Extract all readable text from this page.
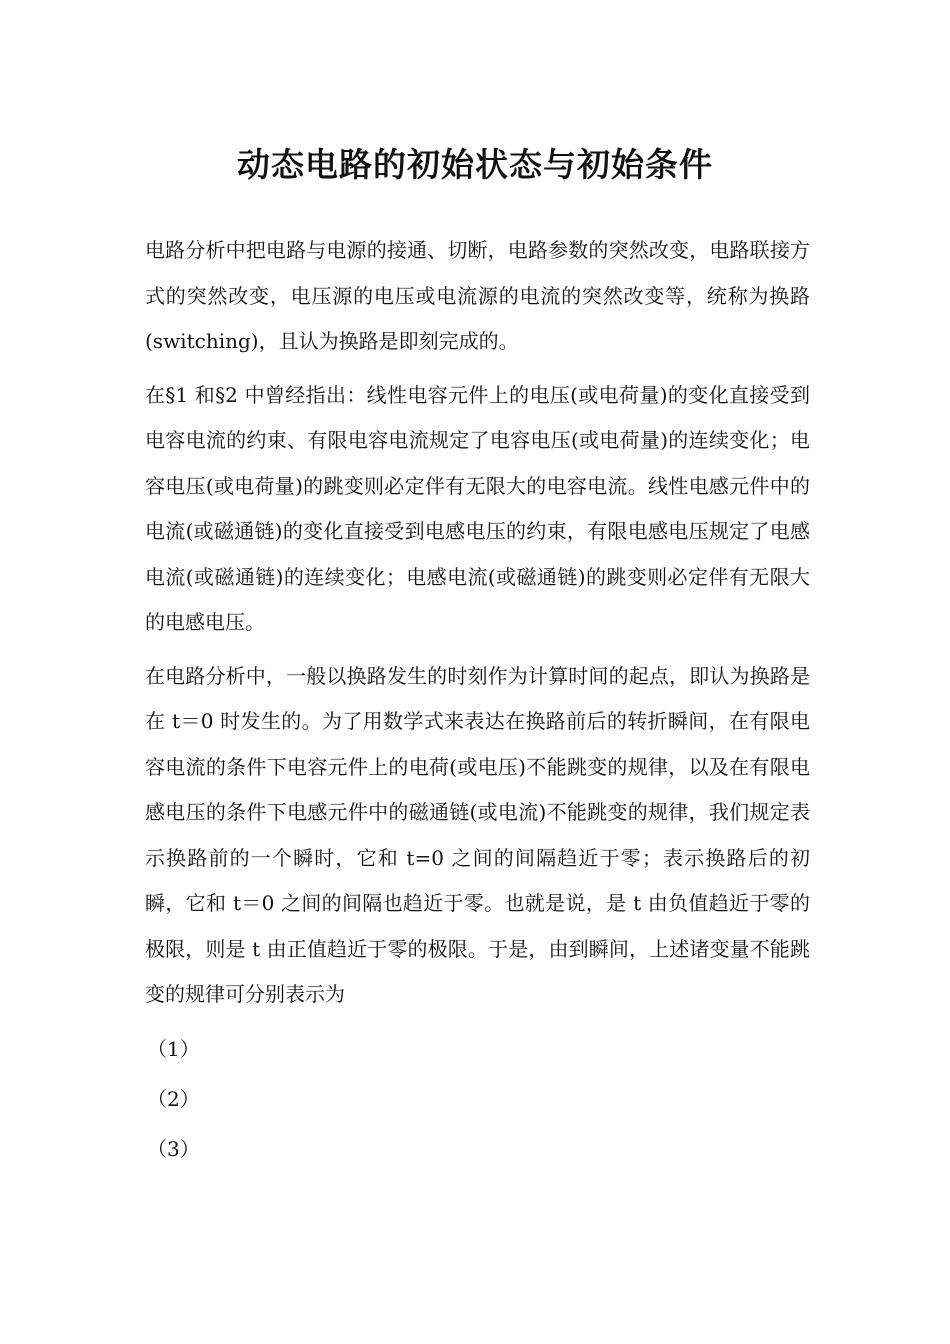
动态电路的初始状态与初始条件

电路分析中把电路与电源的接通、切断，电路参数的突然改变，电路联接方式的突然改变，电压源的电压或电流源的电流的突然改变等，统称为换路(switching)，且认为换路是即刻完成的。

在§1 和§2 中曾经指出：线性电容元件上的电压(或电荷量)的变化直接受到电容电流的约束、有限电容电流规定了电容电压(或电荷量)的连续变化；电容电压(或电荷量)的跳变则必定伴有无限大的电容电流。线性电感元件中的电流(或磁通链)的变化直接受到电感电压的约束，有限电感电压规定了电感电流(或磁通链)的连续变化；电感电流(或磁通链)的跳变则必定伴有无限大的电感电压。

在电路分析中，一般以换路发生的时刻作为计算时间的起点，即认为换路是在 t＝0 时发生的。为了用数学式来表达在换路前后的转折瞬间，在有限电容电流的条件下电容元件上的电荷(或电压)不能跳变的规律，以及在有限电感电压的条件下电感元件中的磁通链(或电流)不能跳变的规律，我们规定表示换路前的一个瞬时，它和 t=0 之间的间隔趋近于零；表示换路后的初瞬，它和 t＝0 之间的间隔也趋近于零。也就是说，是 t 由负值趋近于零的极限，则是 t 由正值趋近于零的极限。于是，由到瞬间，上述诸变量不能跳变的规律可分别表示为

（1）
（2）
（3）
